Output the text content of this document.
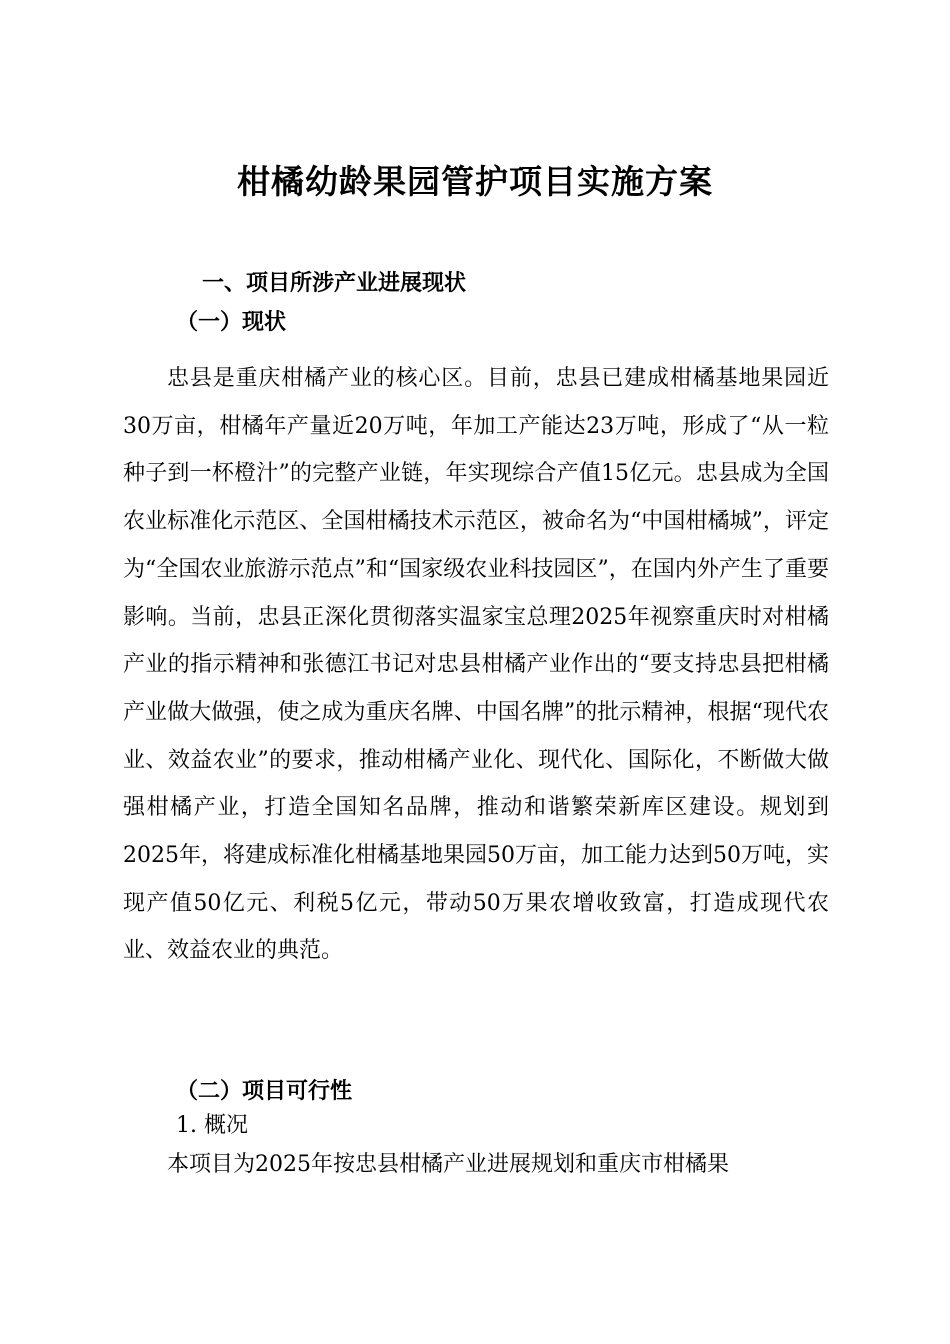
柑橘幼龄果园管护项目实施方案
一、项目所涉产业进展现状
（一）现状

忠县是重庆柑橘产业的核心区。目前，忠县已建成柑橘基地果园近30万亩，柑橘年产量近20万吨，年加工产能达23万吨，形成了“从一粒种子到一杯橙汁”的完整产业链，年实现综合产值15亿元。忠县成为全国农业标准化示范区、全国柑橘技术示范区，被命名为“中国柑橘城”，评定为“全国农业旅游示范点”和“国家级农业科技园区”，在国内外产生了重要影响。当前，忠县正深化贯彻落实温家宝总理2025年视察重庆时对柑橘产业的指示精神和张德江书记对忠县柑橘产业作出的“要支持忠县把柑橘产业做大做强，使之成为重庆名牌、中国名牌”的批示精神，根据“现代农业、效益农业”的要求，推动柑橘产业化、现代化、国际化，不断做大做强柑橘产业，打造全国知名品牌，推动和谐繁荣新库区建设。规划到2025年，将建成标准化柑橘基地果园50万亩，加工能力达到50万吨，实现产值50亿元、利税5亿元，带动50万果农增收致富，打造成现代农业、效益农业的典范。

（二）项目可行性

1. 概况

本项目为2025年按忠县柑橘产业进展规划和重庆市柑橘果
